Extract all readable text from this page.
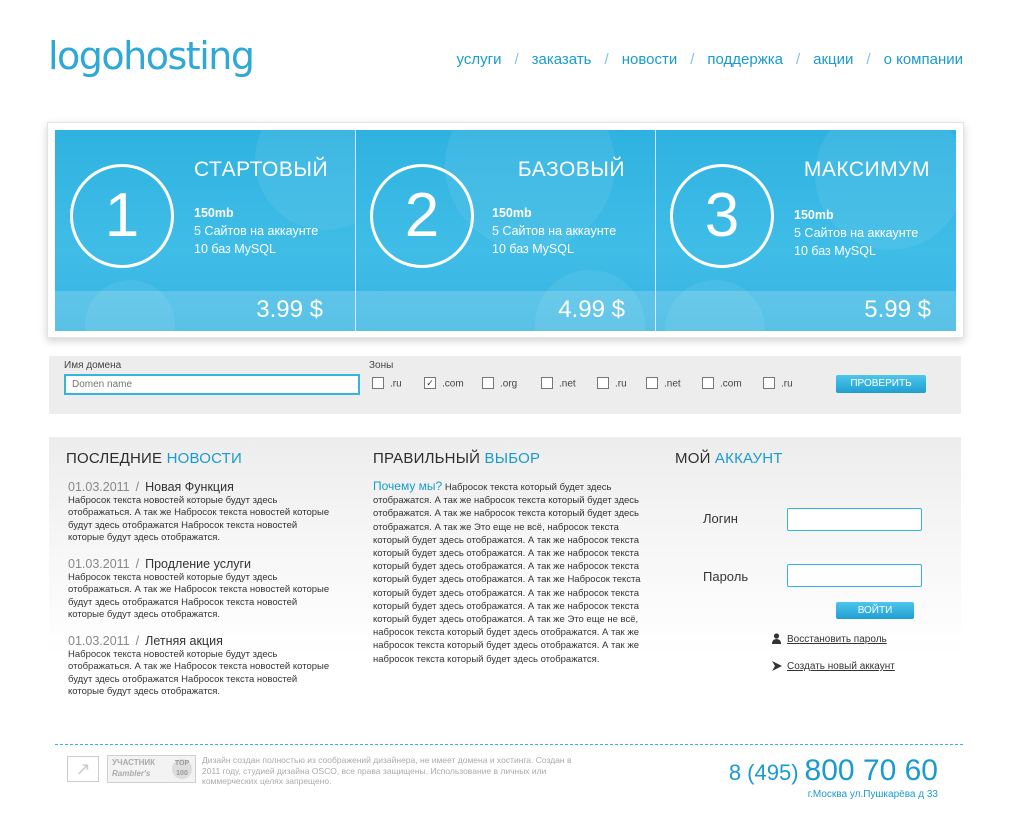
logohosting	услуги / заказать / новости / поддержка / акции / о компании
1
СТАРТОВЫЙ
150mb
5 Сайтов на аккаунте
10 баз MySQL
3.99 $
2
БАЗОВЫЙ
150mb
5 Сайтов на аккаунте
10 баз MySQL
4.99 $
3
МАКСИМУМ
150mb
5 Сайтов на аккаунте
10 баз MySQL
5.99 $
Имя домена
Domen name	Зоны
.ru	✓ .com	.org	.net	.ru	.net	.com	.ru	ПРОВЕРИТЬ
ПОСЛЕДНИЕ НОВОСТИ
01.03.2011 / Новая Функция
Набросок текста новостей которые будут здесь отображаться. А так же Набросок текста новостей которые будут здесь отображатся Набросок текста новостей которые будут здесь отображатся.
01.03.2011 / Продление услуги
Набросок текста новостей которые будут здесь отображаться. А так же Набросок текста новостей которые будут здесь отображатся Набросок текста новостей которые будут здесь отображатся.
01.03.2011 / Летняя акция
Набросок текста новостей которые будут здесь отображаться. А так же Набросок текста новостей которые будут здесь отображатся Набросок текста новостей которые будут здесь отображатся.
ПРАВИЛЬНЫЙ ВЫБОР
Почему мы? Набросок текста который будет здесь отображатся. А так же набросок текста который будет здесь отображатся. А так же набросок текста который будет здесь отображатся. А так же Это еще не всё, набросок текста который будет здесь отображатся. А так же набросок текста который будет здесь отображатся. А так же набросок текста который будет здесь отображатся. А так же набросок текста который будет здесь отображатся. А так же Набросок текста который будет здесь отображатся. А так же набросок текста который будет здесь отображатся. А так же набросок текста который будет здесь отображатся. А так же Это еще не всё, набросок текста который будет здесь отображатся. А так же набросок текста который будет здесь отображатся. А так же набросок текста который будет здесь отображатся.
МОЙ АККАУНТ
Логин
Пароль
ВОЙТИ
Восстановить пароль
Создать новый аккаунт
↗	УЧАСТНИК
Rambler's
TOP 100
Дизайн создан полностью из соображений дизайнера, не имеет домена и хостинга. Создан в 2011 году, студией дизайна OSCO, все права защищены. Использование в личных или коммерческих целях запрещено.	8 (495) 800 70 60
г.Москва ул.Пушкарёва д 33
